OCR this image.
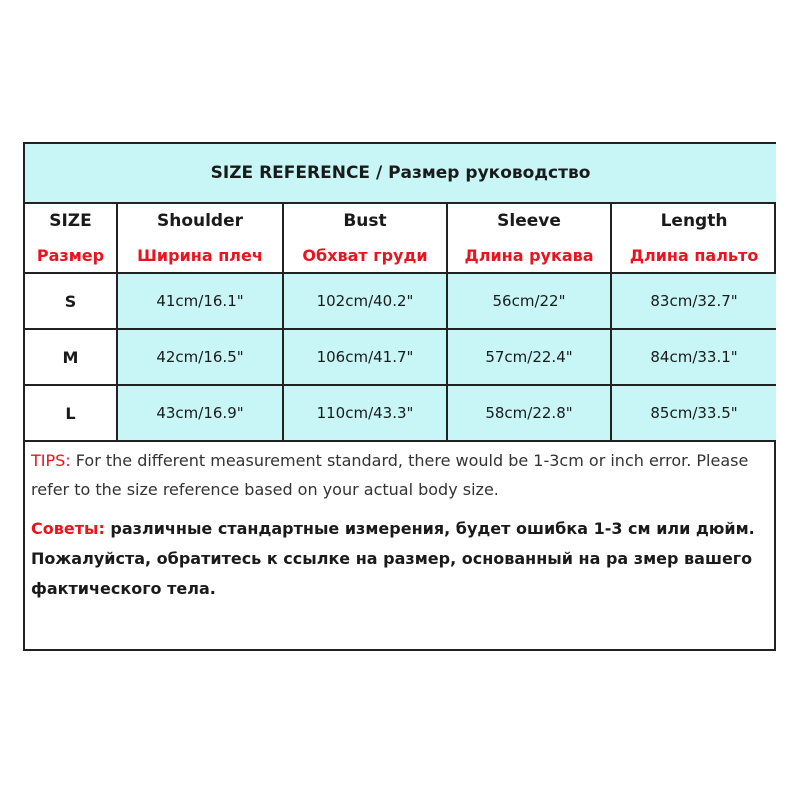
SIZE REFERENCE / Размер руководство				
SIZE	Shoulder	Bust	Sleeve	Length
Размер	Ширина плеч	Обхват груди	Длина рукава	Длина пальто
S	41cm/16.1"	102cm/40.2"	56cm/22"	83cm/32.7"
M	42cm/16.5"	106cm/41.7"	57cm/22.4"	84cm/33.1"
L	43cm/16.9"	110cm/43.3"	58cm/22.8"	85cm/33.5"
TIPS: For the different measurement standard, there would be 1-3cm or inch error. Please refer to the size reference based on your actual body size.
Советы: различные стандартные измерения, будет ошибка 1-3 см или дюйм. Пожалуйста, обратитесь к ссылке на размер, основанный на ра змер вашего фактического тела.
